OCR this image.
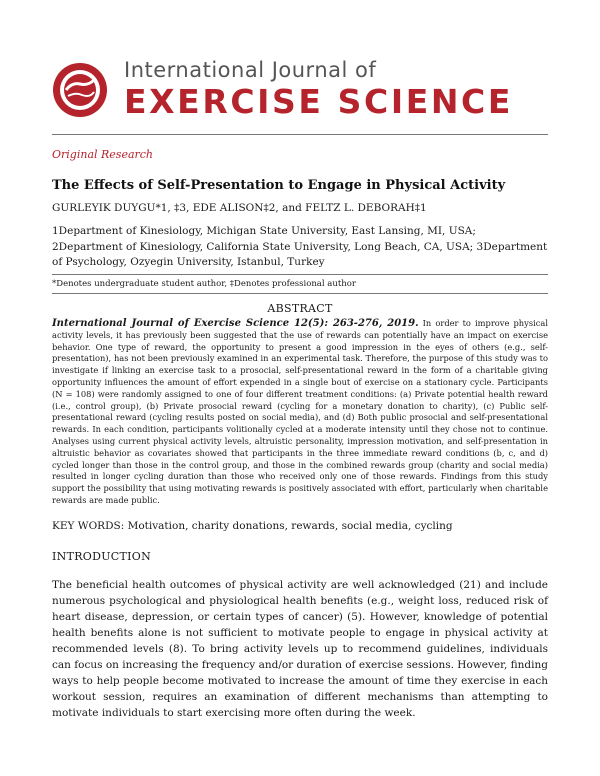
International Journal of
EXERCISE SCIENCE
Original Research
The Effects of Self-Presentation to Engage in Physical Activity
GURLEYIK DUYGU*1, ‡3, EDE ALISON‡2, and FELTZ L. DEBORAH‡1
1Department of Kinesiology, Michigan State University, East Lansing, MI, USA; 2Department of Kinesiology, California State University, Long Beach, CA, USA; 3Department of Psychology, Ozyegin University, Istanbul, Turkey
*Denotes undergraduate student author, ‡Denotes professional author
ABSTRACT
International Journal of Exercise Science 12(5): 263-276, 2019. In order to improve physical activity levels, it has previously been suggested that the use of rewards can potentially have an impact on exercise behavior. One type of reward, the opportunity to present a good impression in the eyes of others (e.g., self-presentation), has not been previously examined in an experimental task. Therefore, the purpose of this study was to investigate if linking an exercise task to a prosocial, self-presentational reward in the form of a charitable giving opportunity influences the amount of effort expended in a single bout of exercise on a stationary cycle. Participants (N = 108) were randomly assigned to one of four different treatment conditions: (a) Private potential health reward (i.e., control group), (b) Private prosocial reward (cycling for a monetary donation to charity), (c) Public self-presentational reward (cycling results posted on social media), and (d) Both public prosocial and self-presentational rewards. In each condition, participants volitionally cycled at a moderate intensity until they chose not to continue. Analyses using current physical activity levels, altruistic personality, impression motivation, and self-presentation in altruistic behavior as covariates showed that participants in the three immediate reward conditions (b, c, and d) cycled longer than those in the control group, and those in the combined rewards group (charity and social media) resulted in longer cycling duration than those who received only one of those rewards. Findings from this study support the possibility that using motivating rewards is positively associated with effort, particularly when charitable rewards are made public.
KEY WORDS: Motivation, charity donations, rewards, social media, cycling
INTRODUCTION
The beneficial health outcomes of physical activity are well acknowledged (21) and include numerous psychological and physiological health benefits (e.g., weight loss, reduced risk of heart disease, depression, or certain types of cancer) (5). However, knowledge of potential health benefits alone is not sufficient to motivate people to engage in physical activity at recommended levels (8). To bring activity levels up to recommend guidelines, individuals can focus on increasing the frequency and/or duration of exercise sessions. However, finding ways to help people become motivated to increase the amount of time they exercise in each workout session, requires an examination of different mechanisms than attempting to motivate individuals to start exercising more often during the week.
